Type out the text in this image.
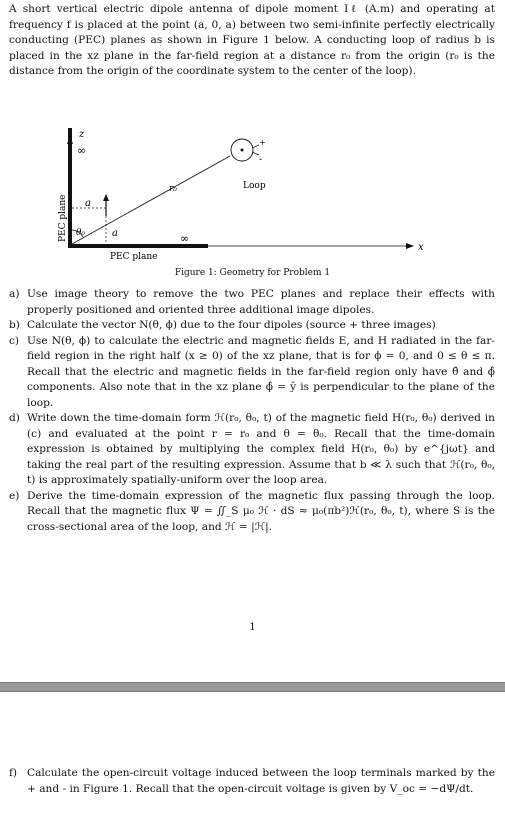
A short vertical electric dipole antenna of dipole moment Iℓ (A.m) and operating at frequency f is placed at the point (a, 0, a) between two semi-infinite perfectly electrically conducting (PEC) planes as shown in Figure 1 below. A conducting loop of radius b is placed in the xz plane in the far-field region at a distance r₀ from the origin (r₀ is the distance from the origin of the coordinate system to the center of the loop).
z
∞
x
∞
a
a
θ₀
r₀	Loop
+
-
PEC plane
PEC plane
Figure 1: Geometry for Problem 1
a) Use image theory to remove the two PEC planes and replace their effects with properly positioned and oriented three additional image dipoles.
b) Calculate the vector N(θ, ϕ) due to the four dipoles (source + three images)
c) Use N(θ, ϕ) to calculate the electric and magnetic fields E, and H radiated in the far-field region in the right half (x ≥ 0) of the xz plane, that is for ϕ = 0, and 0 ≤ θ ≤ π. Recall that the electric and magnetic fields in the far-field region only have θ̂ and ϕ̂ components. Also note that in the xz plane ϕ̂ = ŷ is perpendicular to the plane of the loop.
d) Write down the time-domain form ℋ(r₀, θ₀, t) of the magnetic field H(r₀, θ₀) derived in (c) and evaluated at the point r = r₀ and θ = θ₀. Recall that the time-domain expression is obtained by multiplying the complex field H(r₀, θ₀) by e^{jωt} and taking the real part of the resulting expression. Assume that b ≪ λ such that ℋ(r₀, θ₀, t) is approximately spatially-uniform over the loop area.
e) Derive the time-domain expression of the magnetic flux passing through the loop. Recall that the magnetic flux Ψ = ∬_S μ₀ ℋ · dS ≈ μ₀(πb²)ℋ(r₀, θ₀, t), where S is the cross-sectional area of the loop, and ℋ = |ℋ|.
1
f) Calculate the open-circuit voltage induced between the loop terminals marked by the + and - in Figure 1. Recall that the open-circuit voltage is given by V_oc = −dΨ/dt.
